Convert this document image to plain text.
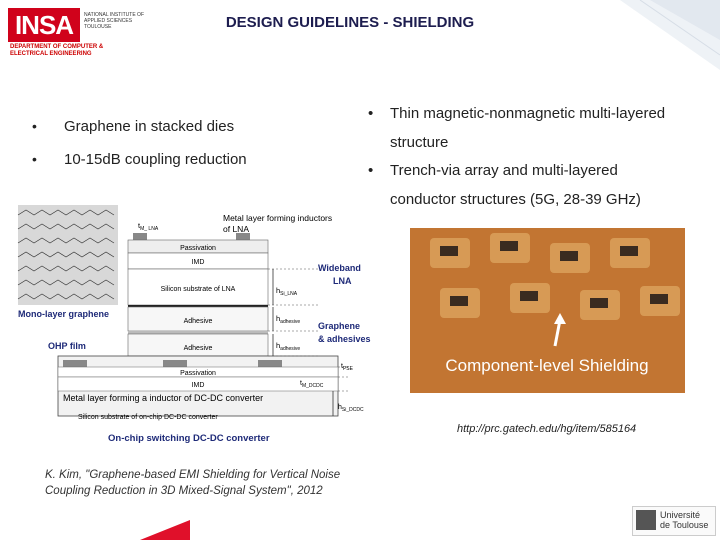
INSA	NATIONAL INSTITUTE OF APPLIED SCIENCES TOULOUSE
DEPARTMENT OF COMPUTER & ELECTRICAL ENGINEERING
DESIGN GUIDELINES - SHIELDING
• Graphene in stacked dies
• 10-15dB coupling reduction
• Thin magnetic-nonmagnetic multi-layered
structure
• Trench-via array and multi-layered
conductor structures (5G, 28-39 GHz)
Passivation
IMD
Silicon substrate of LNA
Adhesive
Adhesive
Passivation
IMD
Metal layer forming a inductor of DC-DC converter
Silicon substrate of on-chip DC-DC converter
Metal layer forming inductors
of LNA
$t_{M\_ LNA}$
$h_{Si\_LNA}$
Wideband
LNA
Mono-layer graphene	$h_{adhesive}$
$h_{adhesive}$
Graphene
& adhesives
OHP film
$t_{PSE}$
$t_{M\_DCDC}$
$h_{Si\_DCDC}$
On-chip switching DC-DC converter
Component-level Shielding
http://prc.gatech.edu/hg/item/585164
K. Kim, "Graphene-based EMI Shielding for Vertical Noise Coupling Reduction in 3D Mixed-Signal System", 2012
Université
de Toulouse
